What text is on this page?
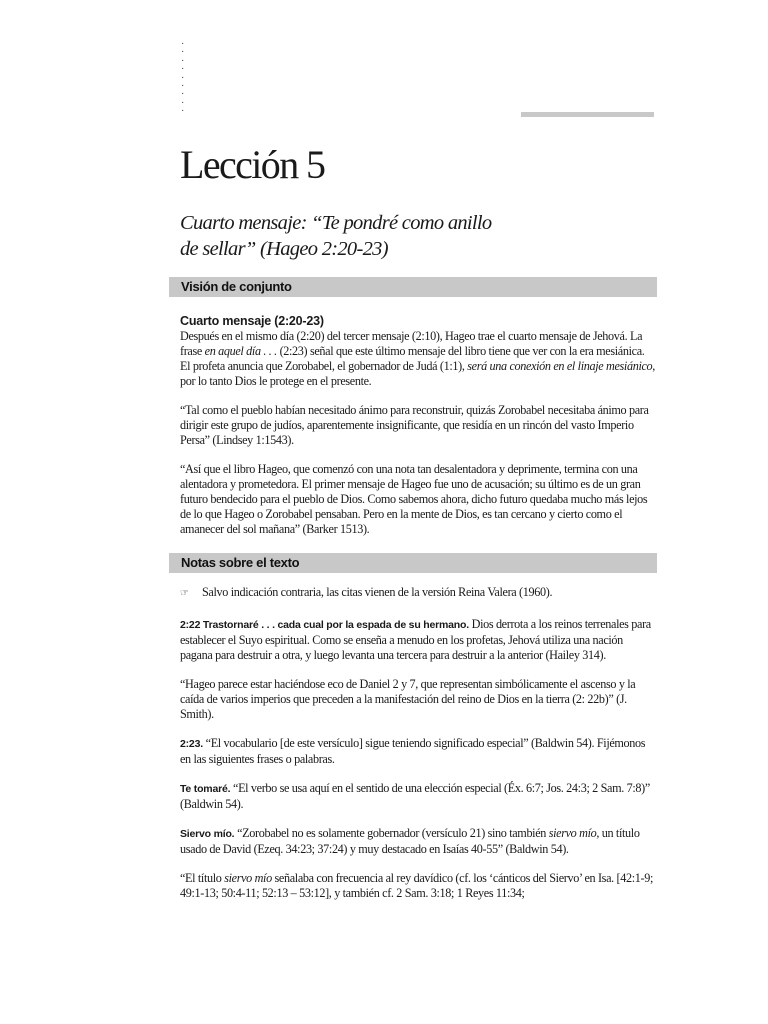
·
·
·
·
·
·
·
·
·
Lección 5
Cuarto mensaje: “Te pondré como anillo
de sellar” (Hageo 2:20-23)
Visión de conjunto

Cuarto mensaje (2:20-23)

Después en el mismo día (2:20) del tercer mensaje (2:10), Hageo trae el cuarto mensaje de Jehová. La frase en aquel día . . . (2:23) señal que este último mensaje del libro tiene que ver con la era mesiánica. El profeta anuncia que Zorobabel, el gobernador de Judá (1:1), será una conexión en el linaje mesiánico, por lo tanto Dios le protege en el presente.

“Tal como el pueblo habían necesitado ánimo para reconstruir, quizás Zorobabel necesitaba ánimo para dirigir este grupo de judíos, aparentemente insignificante, que residía en un rincón del vasto Imperio Persa” (Lindsey 1:1543).

“Así que el libro Hageo, que comenzó con una nota tan desalentadora y deprimente, termina con una alentadora y prometedora. El primer mensaje de Hageo fue uno de acusación; su último es de un gran futuro bendecido para el pueblo de Dios. Como sabemos ahora, dicho futuro quedaba mucho más lejos de lo que Hageo o Zorobabel pensaban. Pero en la mente de Dios, es tan cercano y cierto como el amanecer del sol mañana” (Barker 1513).

Notas sobre el texto
☞	Salvo indicación contraria, las citas vienen de la versión Reina Valera (1960).

2:22 Trastornaré . . . cada cual por la espada de su hermano. Dios derrota a los reinos terrenales para establecer el Suyo espiritual. Como se enseña a menudo en los profetas, Jehová utiliza una nación pagana para destruir a otra, y luego levanta una tercera para destruir a la anterior (Hailey 314).

“Hageo parece estar haciéndose eco de Daniel 2 y 7, que representan simbólicamente el ascenso y la caída de varios imperios que preceden a la manifestación del reino de Dios en la tierra (2: 22b)” (J. Smith).

2:23. “El vocabulario [de este versículo] sigue teniendo significado especial” (Baldwin 54). Fijémonos en las siguientes frases o palabras.

Te tomaré. “El verbo se usa aquí en el sentido de una elección especial (Éx. 6:7; Jos. 24:3; 2 Sam. 7:8)” (Baldwin 54).

Siervo mío. “Zorobabel no es solamente gobernador (versículo 21) sino también siervo mío, un título usado de David (Ezeq. 34:23; 37:24) y muy destacado en Isaías 40-55” (Baldwin 54).

“El título siervo mío señalaba con frecuencia al rey davídico (cf. los ‘cánticos del Siervo’ en Isa. [42:1-9; 49:1-13; 50:4-11; 52:13 – 53:12], y también cf. 2 Sam. 3:18; 1 Reyes 11:34;
